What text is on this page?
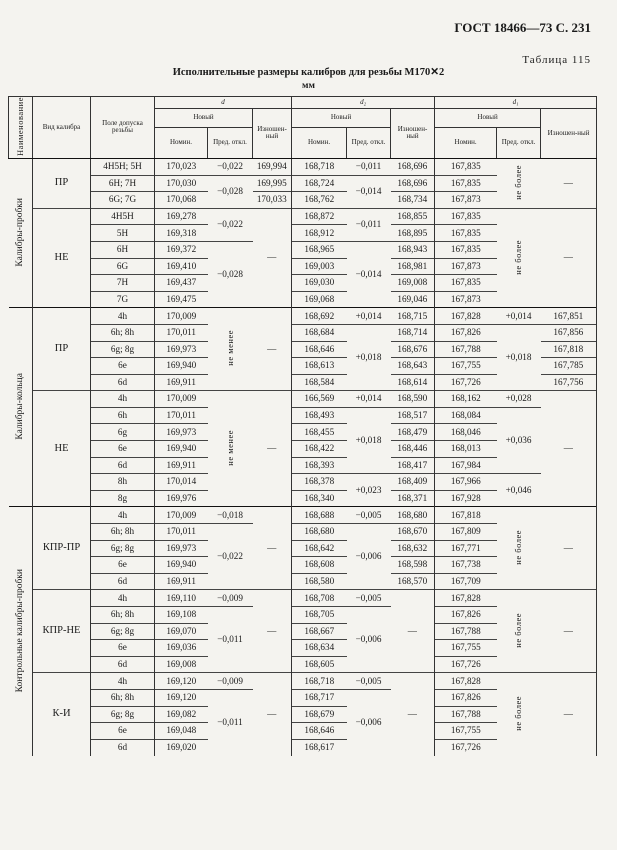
ГОСТ 18466—73 С. 231
Таблица 115
Исполнительные размеры калибров для резьбы М170✕2
мм
Наименование	Вид калибра	Поле допуска резьбы	d			d₂			d₁		
			Новый		Изношен-ный	Новый		Изношен-ный	Новый		Изношен-ный
			Номин.	Пред. откл.		Номин.	Пред. откл.		Номин.	Пред. откл.	
Калибры-пробки	ПР	4H5H; 5H	170,023	−0,022	169,994	168,718	−0,011	168,696	167,835	не более	—
		6H; 7H	170,030	−0,028	169,995	168,724	−0,014	168,696	167,835		
		6G; 7G	170,068		170,033	168,762		168,734	167,873		
	НЕ	4H5H	169,278	−0,022	—	168,872	−0,011	168,855	167,835	не более	—
		5H	169,318			168,912		168,895	167,835		
		6H	169,372	−0,028		168,965	−0,014	168,943	167,835		
		6G	169,410			169,003		168,981	167,873		
		7H	169,437			169,030		169,008	167,835		
		7G	169,475			169,068		169,046	167,873		
Калибры-кольца	ПР	4h	170,009	не менее	—	168,692	+0,014	168,715	167,828	+0,014	167,851
		6h; 8h	170,011			168,684	+0,018	168,714	167,826	+0,018	167,856
		6g; 8g	169,973			168,646		168,676	167,788		167,818
		6e	169,940			168,613		168,643	167,755		167,785
		6d	169,911			168,584		168,614	167,726		167,756
	НЕ	4h	170,009	не менее	—	166,569	+0,014	168,590	168,162	+0,028	—
		6h	170,011			168,493	+0,018	168,517	168,084	+0,036	
		6g	169,973			168,455		168,479	168,046		
		6e	169,940			168,422		168,446	168,013		
		6d	169,911			168,393		168,417	167,984		
		8h	170,014			168,378	+0,023	168,409	167,966	+0,046	
		8g	169,976			168,340		168,371	167,928		
Контрольные калибры-пробки	КПР-ПР	4h	170,009	−0,018	—	168,688	−0,005	168,680	167,818	не более	—
		6h; 8h	170,011	−0,022		168,680	−0,006	168,670	167,809		
		6g; 8g	169,973			168,642		168,632	167,771		
		6e	169,940			168,608		168,598	167,738		
		6d	169,911			168,580		168,570	167,709		
	КПР-НЕ	4h	169,110	−0,009	—	168,708	−0,005	—	167,828	не более	—
		6h; 8h	169,108	−0,011		168,705	−0,006		167,826		
		6g; 8g	169,070			168,667			167,788		
		6e	169,036			168,634			167,755		
		6d	169,008			168,605			167,726		
	К-И	4h	169,120	−0,009	—	168,718	−0,005	—	167,828	не более	—
		6h; 8h	169,120	−0,011		168,717	−0,006		167,826		
		6g; 8g	169,082			168,679			167,788		
		6e	169,048			168,646			167,755		
		6d	169,020			168,617			167,726		
